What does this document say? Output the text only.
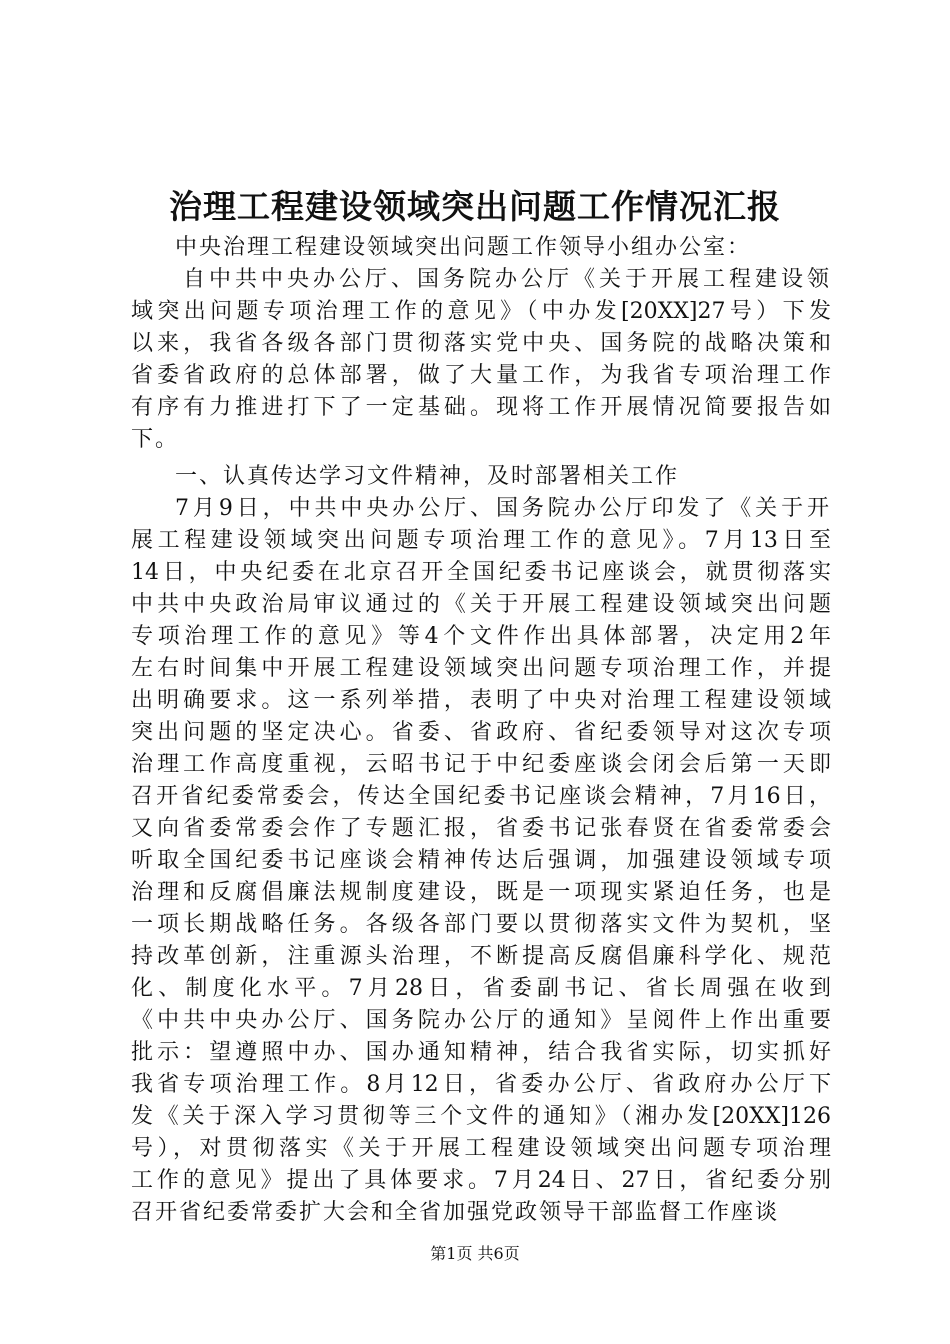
治理工程建设领域突出问题工作情况汇报
中央治理工程建设领域突出问题工作领导小组办公室：
自中共中央办公厅、国务院办公厅《关于开展工程建设领
域突出问题专项治理工作的意见》（中办发[20XX]27号）下发
以来，我省各级各部门贯彻落实党中央、国务院的战略决策和
省委省政府的总体部署，做了大量工作，为我省专项治理工作
有序有力推进打下了一定基础。现将工作开展情况简要报告如
下。
一、认真传达学习文件精神，及时部署相关工作
7月9日，中共中央办公厅、国务院办公厅印发了《关于开
展工程建设领域突出问题专项治理工作的意见》。7月13日至
14日，中央纪委在北京召开全国纪委书记座谈会，就贯彻落实
中共中央政治局审议通过的《关于开展工程建设领域突出问题
专项治理工作的意见》等4个文件作出具体部署，决定用2年
左右时间集中开展工程建设领域突出问题专项治理工作，并提
出明确要求。这一系列举措，表明了中央对治理工程建设领域
突出问题的坚定决心。省委、省政府、省纪委领导对这次专项
治理工作高度重视，云昭书记于中纪委座谈会闭会后第一天即
召开省纪委常委会，传达全国纪委书记座谈会精神，7月16日，
又向省委常委会作了专题汇报，省委书记张春贤在省委常委会
听取全国纪委书记座谈会精神传达后强调，加强建设领域专项
治理和反腐倡廉法规制度建设，既是一项现实紧迫任务，也是
一项长期战略任务。各级各部门要以贯彻落实文件为契机，坚
持改革创新，注重源头治理，不断提高反腐倡廉科学化、规范
化、制度化水平。7月28日，省委副书记、省长周强在收到
《中共中央办公厅、国务院办公厅的通知》呈阅件上作出重要
批示：望遵照中办、国办通知精神，结合我省实际，切实抓好
我省专项治理工作。8月12日，省委办公厅、省政府办公厅下
发《关于深入学习贯彻等三个文件的通知》（湘办发[20XX]126
号），对贯彻落实《关于开展工程建设领域突出问题专项治理
工作的意见》提出了具体要求。7月24日、27日，省纪委分别
召开省纪委常委扩大会和全省加强党政领导干部监督工作座谈
第1页 共6页
